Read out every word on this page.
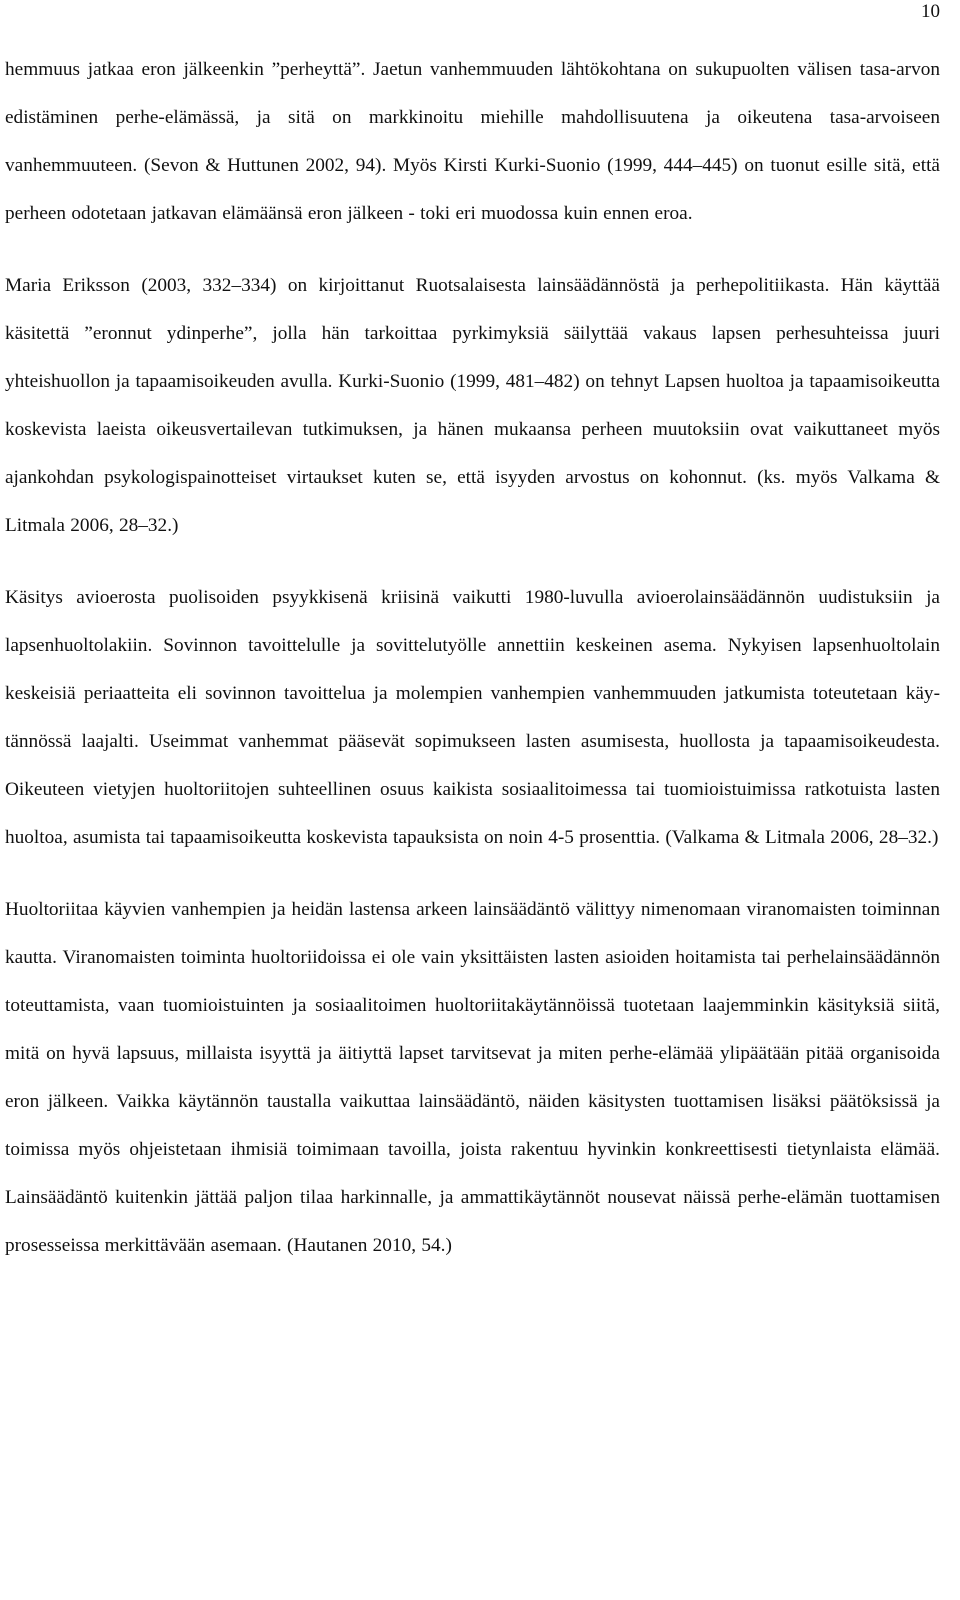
10

hemmuus jatkaa eron jälkeenkin ”perheyttä”. Jaetun vanhemmuuden lähtökohtana on sukupuolten välisen tasa-arvon edistäminen perhe-elämässä, ja sitä on markkinoitu miehille mahdollisuutena ja oikeutena tasa-arvoiseen vanhemmuuteen. (Sevon & Huttunen 2002, 94). Myös Kirsti Kurki-Suonio (1999, 444–445) on tuonut esille sitä, että perheen odotetaan jatkavan elämäänsä eron jälkeen - toki eri muodossa kuin ennen eroa.

Maria Eriksson (2003, 332–334) on kirjoittanut Ruotsalaisesta lainsäädännöstä ja perhepolitiikasta. Hän käyttää käsitettä ”eronnut ydinperhe”, jolla hän tarkoittaa pyrkimyksiä säilyttää vakaus lapsen perhesuhteissa juuri yhteishuollon ja tapaamisoikeuden avulla. Kurki-Suonio (1999, 481–482) on tehnyt Lapsen huoltoa ja tapaamisoikeutta koskevista laeista oikeusvertailevan tutkimuksen, ja hänen mukaansa perheen muutoksiin ovat vaikuttaneet myös ajankohdan psykologispainotteiset virtaukset kuten se, että isyyden arvostus on kohonnut. (ks. myös Valkama & Litmala 2006, 28–32.)

Käsitys avioerosta puolisoiden psyykkisenä kriisinä vaikutti 1980-luvulla avioerolainsäädännön uudistuksiin ja lapsenhuoltolakiin. Sovinnon tavoittelulle ja sovittelutyölle annettiin keskeinen asema. Nykyisen lapsenhuoltolain keskeisiä periaatteita eli sovinnon tavoittelua ja molempien vanhempien vanhemmuuden jatkumista toteutetaan käytännössä laajalti. Useimmat vanhemmat pääsevät sopimukseen lasten asumisesta, huollosta ja tapaamisoikeudesta. Oikeuteen vietyjen huoltoriitojen suhteellinen osuus kaikista sosiaalitoimessa tai tuomioistuimissa ratkotuista lasten huoltoa, asumista tai tapaamisoikeutta koskevista tapauksista on noin 4-5 prosenttia. (Valkama & Litmala 2006, 28–32.)

Huoltoriitaa käyvien vanhempien ja heidän lastensa arkeen lainsäädäntö välittyy nimenomaan viranomaisten toiminnan kautta. Viranomaisten toiminta huoltoriidoissa ei ole vain yksittäisten lasten asioiden hoitamista tai perhelainsäädännön toteuttamista, vaan tuomioistuinten ja sosiaalitoimen huoltoriitakäytännöissä tuotetaan laajemminkin käsityksiä siitä, mitä on hyvä lapsuus, millaista isyyttä ja äitiyttä lapset tarvitsevat ja miten perhe-elämää ylipäätään pitää organisoida eron jälkeen. Vaikka käytännön taustalla vaikuttaa lainsäädäntö, näiden käsitysten tuottamisen lisäksi päätöksissä ja toimissa myös ohjeistetaan ihmisiä toimimaan tavoilla, joista rakentuu hyvinkin konkreettisesti tietynlaista elämää. Lainsäädäntö kuitenkin jättää paljon tilaa harkinnalle, ja ammattikäytännöt nousevat näissä perhe-elämän tuottamisen prosesseissa merkittävään asemaan. (Hautanen 2010, 54.)
